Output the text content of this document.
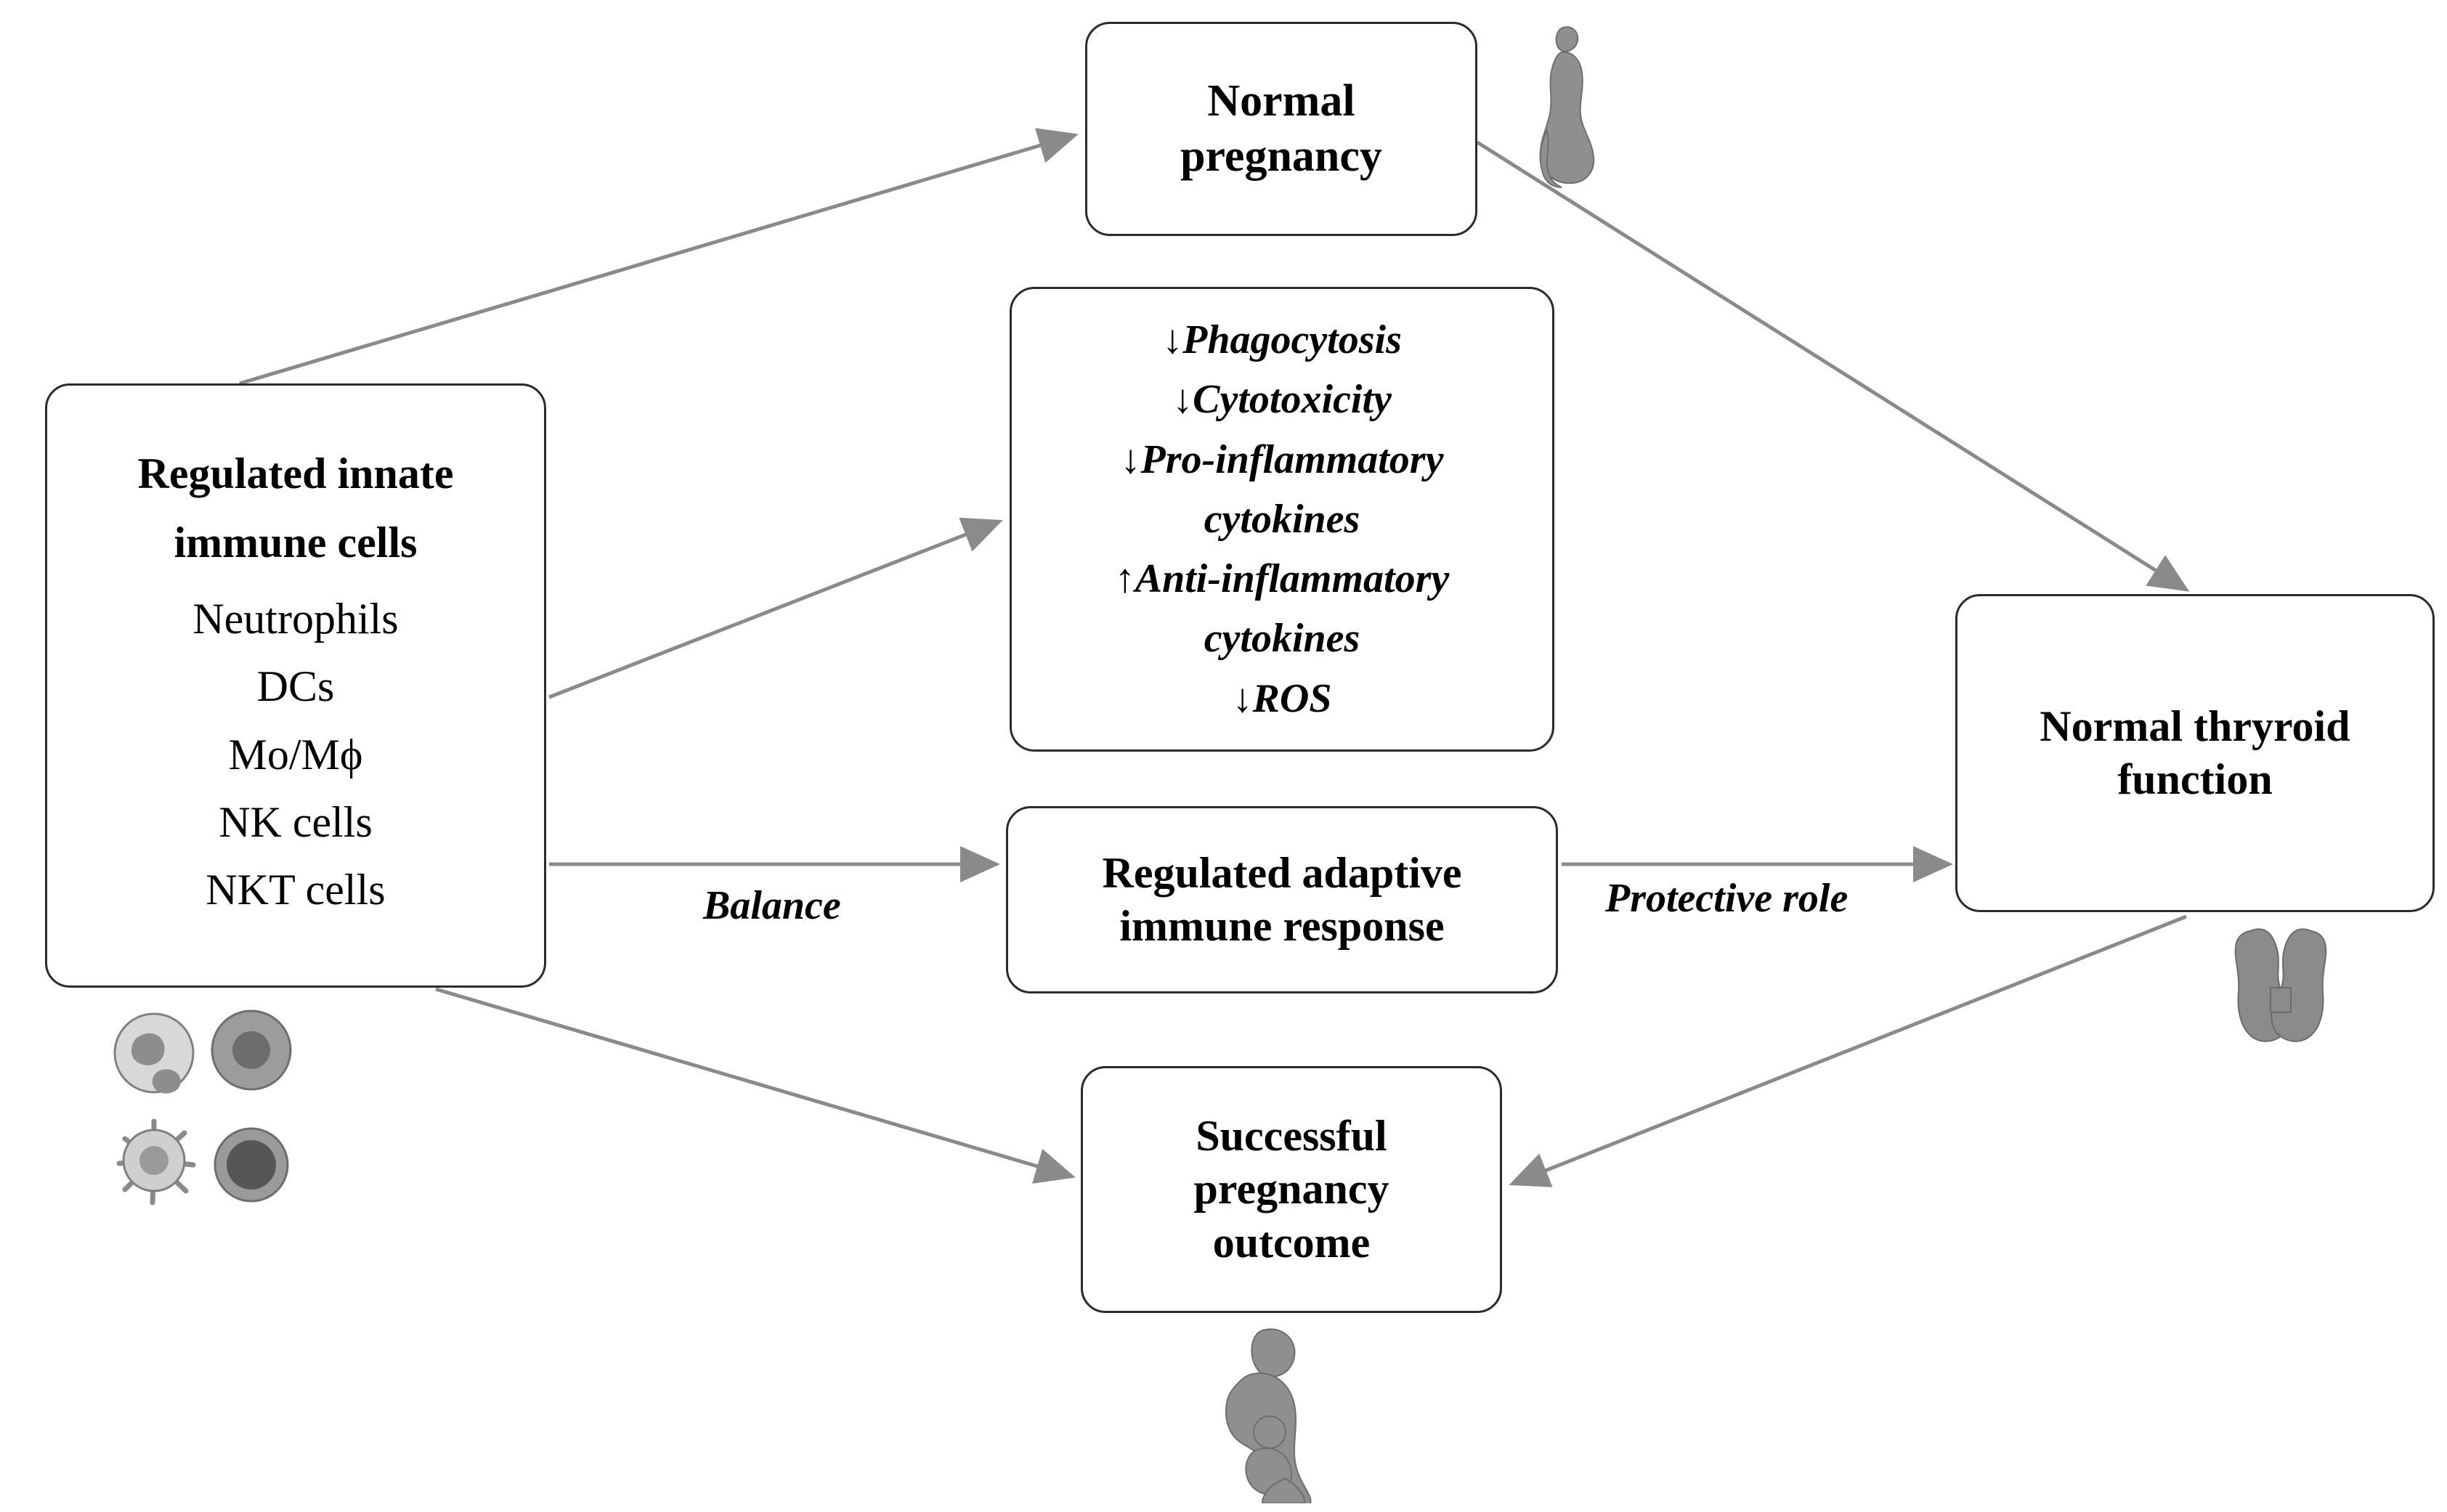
Normal
pregnancy
Regulated innate
immune cells
Neutrophils
DCs
Mo/Mϕ
NK cells
NKT cells
↓Phagocytosis
↓Cytotoxicity
↓Pro-inflammatory
cytokines
↑Anti-inflammatory
cytokines
↓ROS
Regulated adaptive
immune response
Normal thryroid
function
Successful
pregnancy
outcome
Balance	Protective role
